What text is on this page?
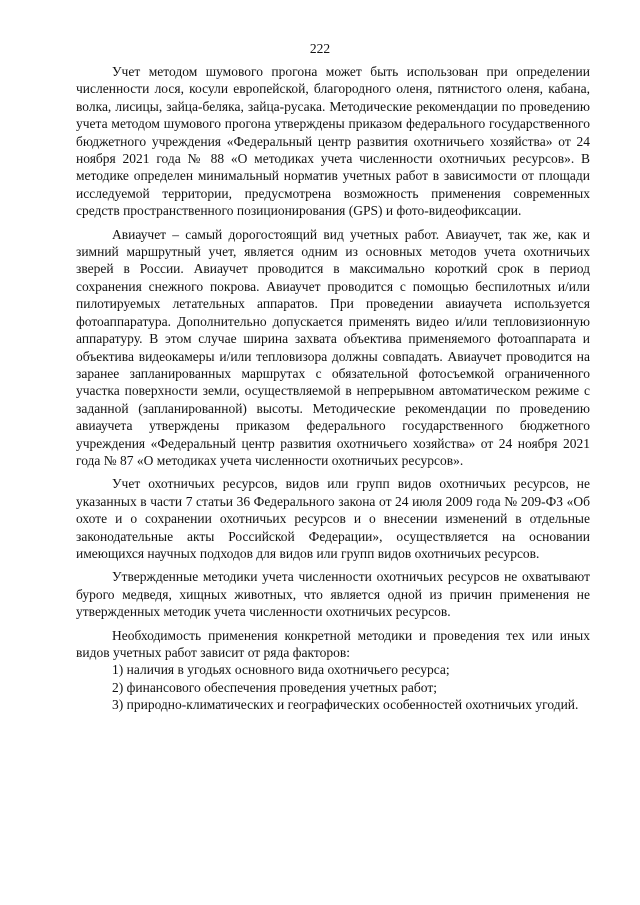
222

Учет методом шумового прогона может быть использован при определении численности лося, косули европейской, благородного оленя, пятнистого оленя, кабана, волка, лисицы, зайца-беляка, зайца-русака. Методические рекомендации по проведению учета методом шумового прогона утверждены приказом федерального государственного бюджетного учреждения «Федеральный центр развития охотничьего хозяйства» от 24 ноября 2021 года № 88 «О методиках учета численности охотничьих ресурсов». В методике определен минимальный норматив учетных работ в зависимости от площади исследуемой территории, предусмотрена возможность применения современных средств пространственного позиционирования (GPS) и фото-видеофиксации.

Авиаучет – самый дорогостоящий вид учетных работ. Авиаучет, так же, как и зимний маршрутный учет, является одним из основных методов учета охотничьих зверей в России. Авиаучет проводится в максимально короткий срок в период сохранения снежного покрова. Авиаучет проводится с помощью беспилотных и/или пилотируемых летательных аппаратов. При проведении авиаучета используется фотоаппаратура. Дополнительно допускается применять видео и/или тепловизионную аппаратуру. В этом случае ширина захвата объектива применяемого фотоаппарата и объектива видеокамеры и/или тепловизора должны совпадать. Авиаучет проводится на заранее запланированных маршрутах с обязательной фотосъемкой ограниченного участка поверхности земли, осуществляемой в непрерывном автоматическом режиме с заданной (запланированной) высоты. Методические рекомендации по проведению авиаучета утверждены приказом федерального государственного бюджетного учреждения «Федеральный центр развития охотничьего хозяйства» от 24 ноября 2021 года № 87 «О методиках учета численности охотничьих ресурсов».

Учет охотничьих ресурсов, видов или групп видов охотничьих ресурсов, не указанных в части 7 статьи 36 Федерального закона от 24 июля 2009 года № 209-ФЗ «Об охоте и о сохранении охотничьих ресурсов и о внесении изменений в отдельные законодательные акты Российской Федерации», осуществляется на основании имеющихся научных подходов для видов или групп видов охотничьих ресурсов.

Утвержденные методики учета численности охотничьих ресурсов не охватывают бурого медведя, хищных животных, что является одной из причин применения не утвержденных методик учета численности охотничьих ресурсов.

Необходимость применения конкретной методики и проведения тех или иных видов учетных работ зависит от ряда факторов:

1) наличия в угодьях основного вида охотничьего ресурса;

2) финансового обеспечения проведения учетных работ;

3) природно-климатических и географических особенностей охотничьих угодий.
